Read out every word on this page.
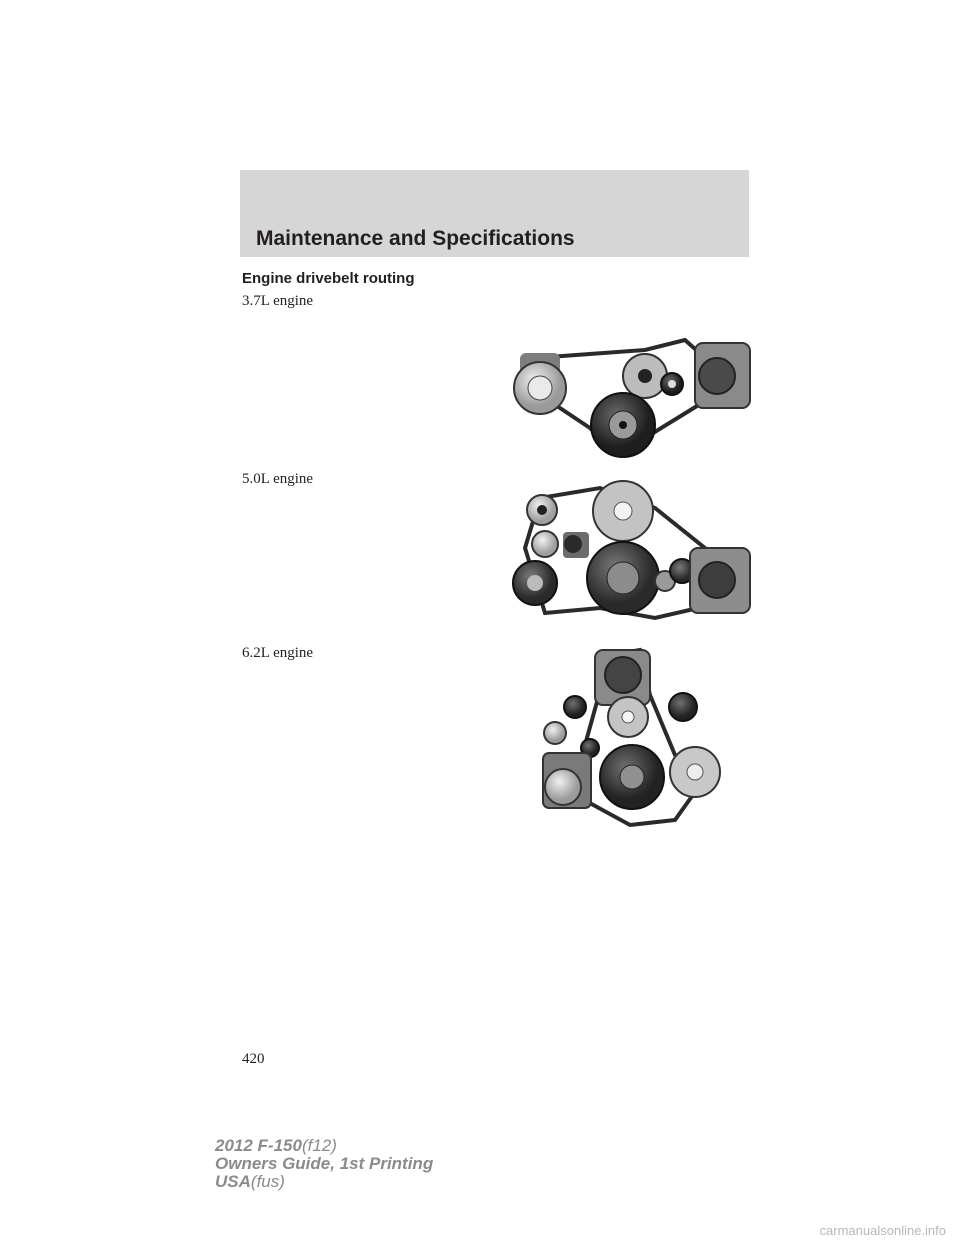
Maintenance and Specifications
Engine drivebelt routing
3.7L engine
5.0L engine
6.2L engine
420
2012 F-150(f12)
Owners Guide, 1st Printing
USA(fus)
carmanualsonline.info
